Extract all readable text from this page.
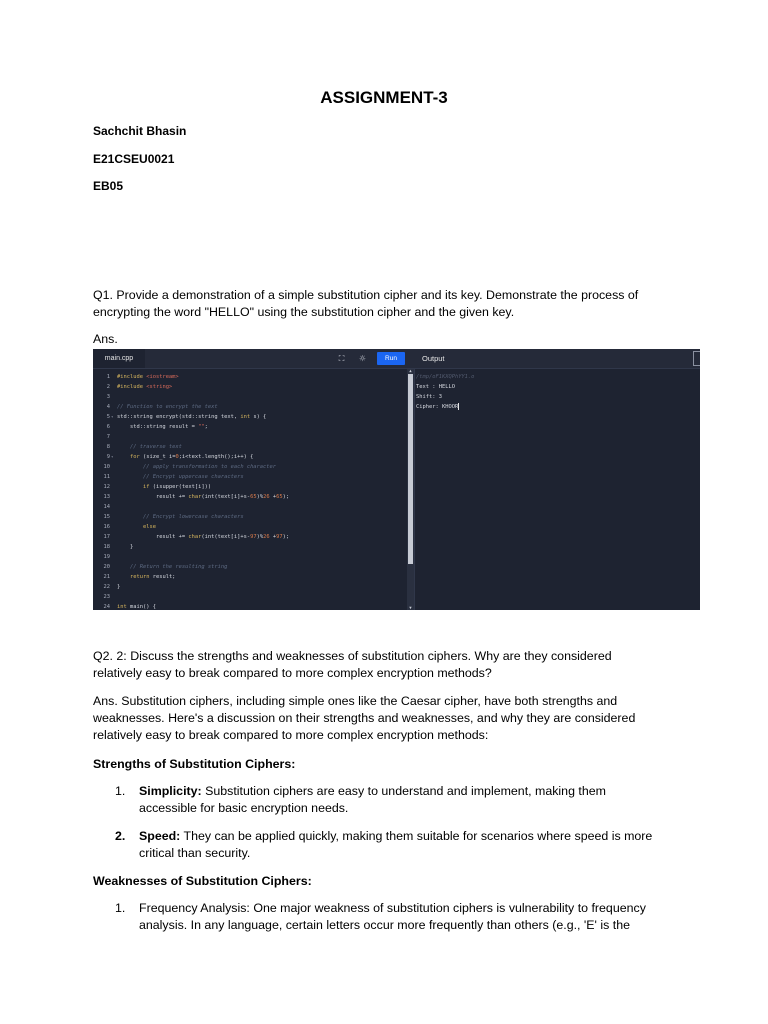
ASSIGNMENT-3
Sachchit Bhasin
E21CSEU0021
EB05
Q1. Provide a demonstration of a simple substitution cipher and its key. Demonstrate the process of
encrypting the word "HELLO" using the substitution cipher and the given key.
Ans.
main.cpp	⛶	☼	Run	Output
1 #include <iostream>
2 #include <string>
3
4 // Function to encrypt the text
5 ▾ std::string encrypt(std::string text, int s) {
6 std::string result = "";
7
8 // traverse text
9 ▾	for (size_t i=0;i<text.length();i++) {
10 // apply transformation to each character
11 // Encrypt uppercase characters
12	if (isupper(text[i]))
13 result += char(int(text[i]+s-65)%26 +65);
14
15 // Encrypt lowercase characters
16	else
17 result += char(int(text[i]+s-97)%26 +97);
18 }
19
20 // Return the resulting string
21	return result;
22 }
23
24 int main() {
▲
▼
/tmp/oF1KXQPhYY1.o
Text : HELLO
Shift: 3
Cipher: KHOOR
Q2. 2: Discuss the strengths and weaknesses of substitution ciphers. Why are they considered
relatively easy to break compared to more complex encryption methods?
Ans. Substitution ciphers, including simple ones like the Caesar cipher, have both strengths and
weaknesses. Here's a discussion on their strengths and weaknesses, and why they are considered
relatively easy to break compared to more complex encryption methods:
Strengths of Substitution Ciphers:
1. Simplicity: Substitution ciphers are easy to understand and implement, making them
accessible for basic encryption needs.
2. Speed: They can be applied quickly, making them suitable for scenarios where speed is more
critical than security.
Weaknesses of Substitution Ciphers:
1. Frequency Analysis: One major weakness of substitution ciphers is vulnerability to frequency
analysis. In any language, certain letters occur more frequently than others (e.g., 'E' is the
